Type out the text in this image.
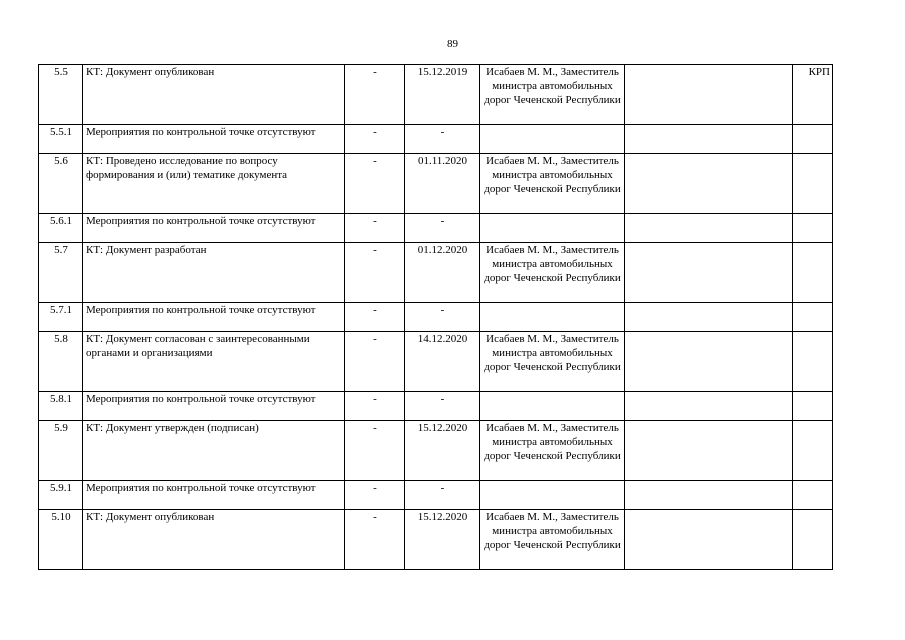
89
5.5	КТ: Документ опубликован	-	15.12.2019	Исабаев М. М., Заместитель министра автомобильных дорог Чеченской Республики		КРП
5.5.1	Мероприятия по контрольной точке отсутствуют	-	-			
5.6	КТ: Проведено исследование по вопросу формирования и (или) тематике документа	-	01.11.2020	Исабаев М. М., Заместитель министра автомобильных дорог Чеченской Республики		
5.6.1	Мероприятия по контрольной точке отсутствуют	-	-			
5.7	КТ: Документ разработан	-	01.12.2020	Исабаев М. М., Заместитель министра автомобильных дорог Чеченской Республики		
5.7.1	Мероприятия по контрольной точке отсутствуют	-	-			
5.8	КТ: Документ согласован с заинтересованными органами и организациями	-	14.12.2020	Исабаев М. М., Заместитель министра автомобильных дорог Чеченской Республики		
5.8.1	Мероприятия по контрольной точке отсутствуют	-	-			
5.9	КТ: Документ утвержден (подписан)	-	15.12.2020	Исабаев М. М., Заместитель министра автомобильных дорог Чеченской Республики		
5.9.1	Мероприятия по контрольной точке отсутствуют	-	-			
5.10	КТ: Документ опубликован	-	15.12.2020	Исабаев М. М., Заместитель министра автомобильных дорог Чеченской Республики		
